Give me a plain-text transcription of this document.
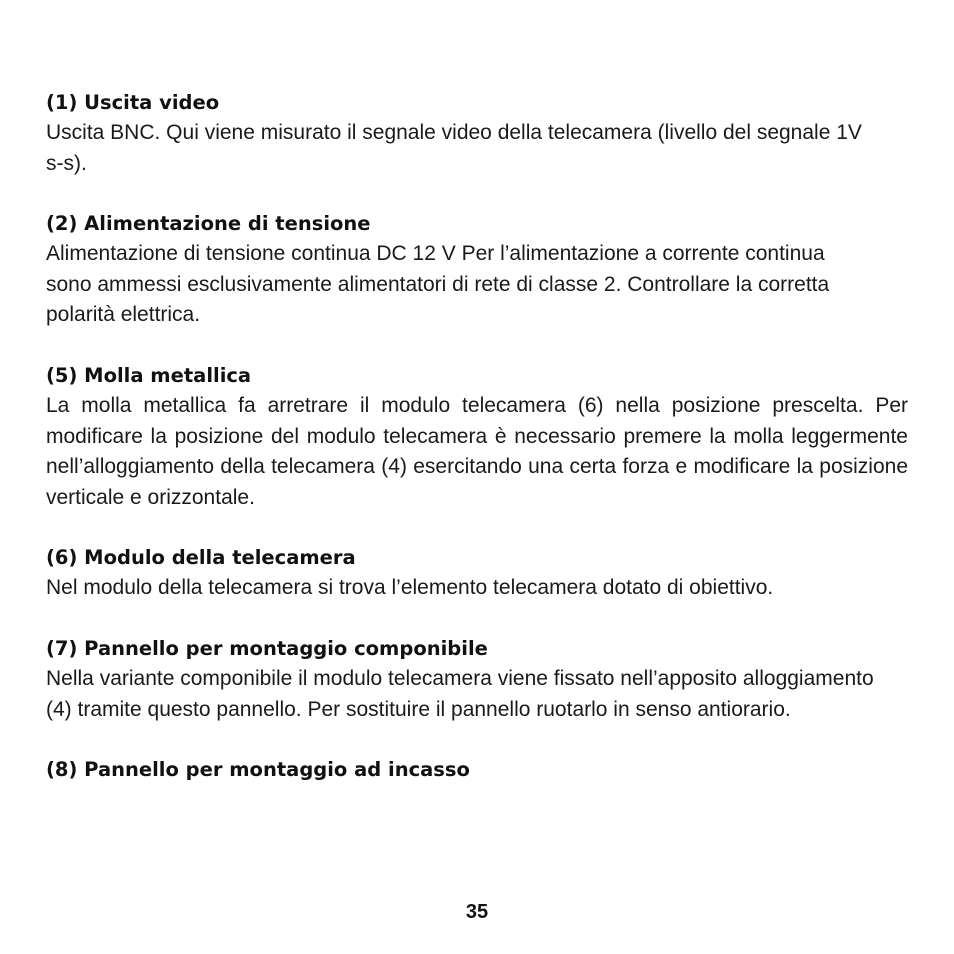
(1) Uscita video

Uscita BNC. Qui viene misurato il segnale video della telecamera (livello del segnale 1V s-s).

(2) Alimentazione di tensione

Alimentazione di tensione continua DC 12 V Per l’alimentazione a corrente continua sono ammessi esclusivamente alimentatori di rete di classe 2. Controllare la corretta polarità elettrica.

(5) Molla metallica

La molla metallica fa arretrare il modulo telecamera (6) nella posizione prescelta. Per modificare la posizione del modulo telecamera è necessario premere la molla leggermente nell’alloggiamento della telecamera (4) esercitando una certa forza e modificare la posizione verticale e orizzontale.

(6) Modulo della telecamera

Nel modulo della telecamera si trova l’elemento telecamera dotato di obiettivo.

(7) Pannello per montaggio componibile

Nella variante componibile il modulo telecamera viene fissato nell’apposito alloggiamento (4) tramite questo pannello. Per sostituire il pannello ruotarlo in senso antiorario.

(8) Pannello per montaggio ad incasso
35
